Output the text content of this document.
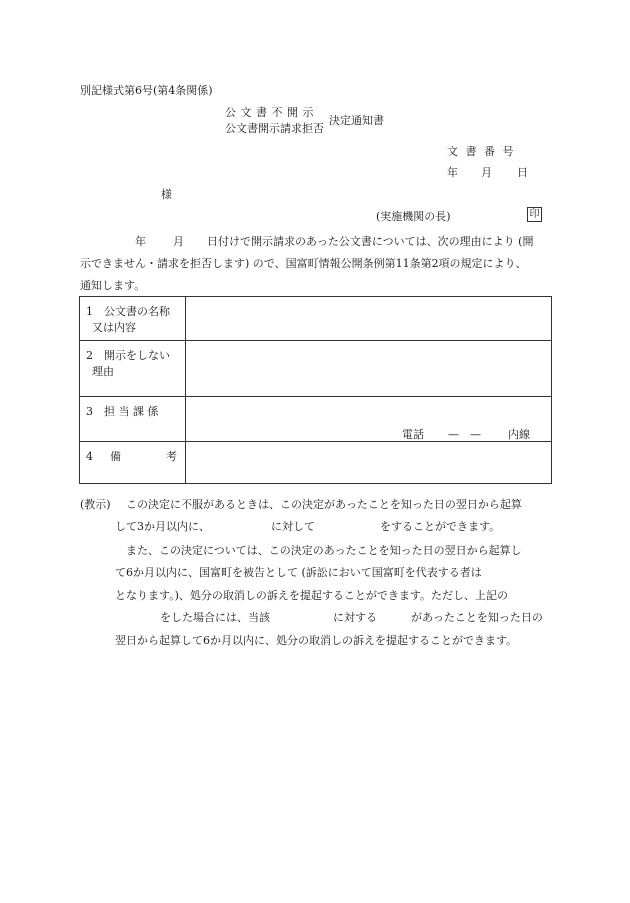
別記様式第6号(第4条関係)
公 文 書 不 開 示
公文書開示請求拒否
決定通知書
文 書 番 号
年 月 日
様
(実施機関の長)	印
年 月 日付けで開示請求のあった公文書については、次の理由により (開
示できません・請求を拒否します) ので、国富町情報公開条例第11条第2項の規定により、
通知します。
1　公文書の名称
又は内容	

2　開示をしない
理由	

3　担 当 課 係	電話 —　— 内線

4 備 考	

(教示) この決定に不服があるときは、この決定があったことを知った日の翌日から起算
して3か月以内に、	に対して	をすることができます。
また、この決定については、この決定のあったことを知った日の翌日から起算し
て6か月以内に、国富町を被告として (訴訟において国富町を代表する者は
となります。)、処分の取消しの訴えを提起することができます。ただし、上記の
をした場合には、当該	に対する	があったことを知った日の
翌日から起算して6か月以内に、処分の取消しの訴えを提起することができます。
